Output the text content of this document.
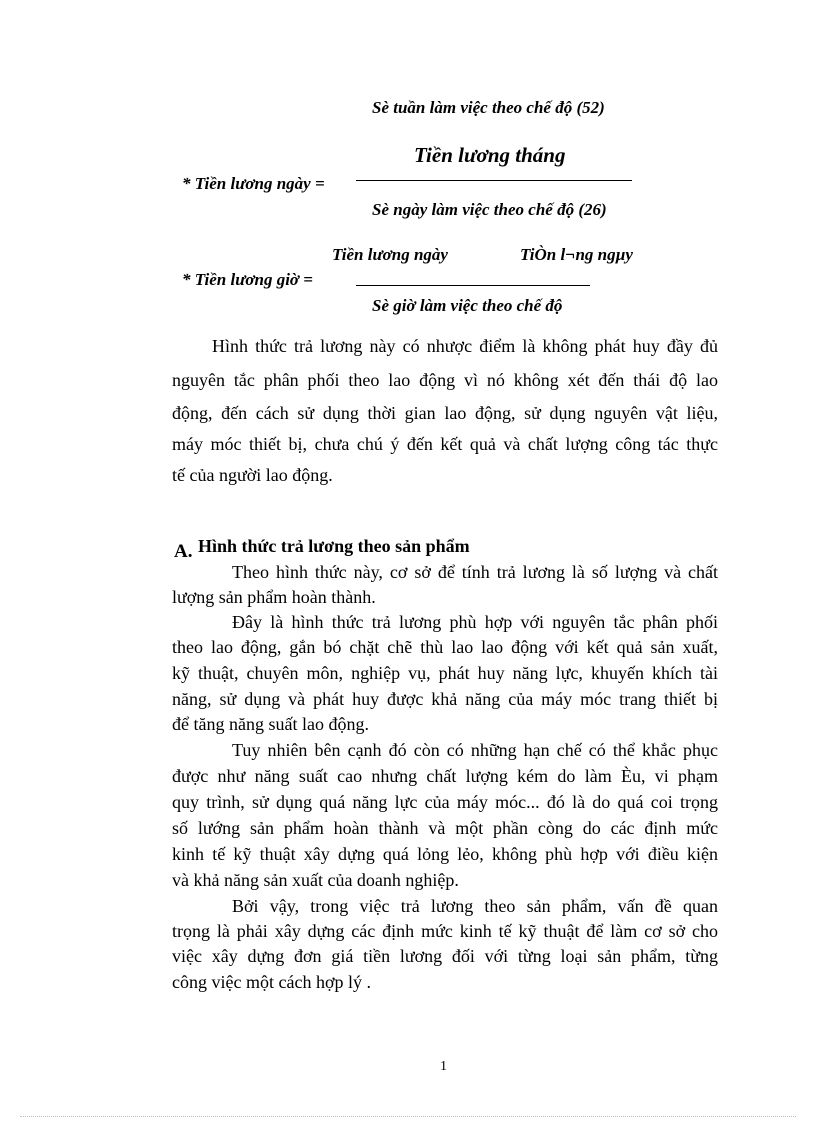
Sè tuần làm việc theo chế độ (52)
Tiền lương tháng
* Tiền lương ngày =
Sè ngày làm việc theo chế độ (26)
Tiền lương ngày	TiÒn l¬ng ngµy
* Tiền lương giờ =
Sè giờ làm việc theo chế độ
Hình thức trả lương này có nhược điểm là không phát huy đầy đủ
nguyên tắc phân phối theo lao động vì nó không xét đến thái độ lao
động, đến cách sử dụng thời gian lao động, sử dụng nguyên vật liệu,
máy móc thiết bị, chưa chú ý đến kết quả và chất lượng công tác thực
tế của người lao động.
A. Hình thức trả lương theo sản phẩm
Theo hình thức này, cơ sở để tính trả lương là số lượng và chất
lượng sản phẩm hoàn thành.
Đây là hình thức trả lương phù hợp với nguyên tắc phân phối
theo lao động, gắn bó chặt chẽ thù lao lao động với kết quả sản xuất,
kỹ thuật, chuyên môn, nghiệp vụ, phát huy năng lực, khuyến khích tài
năng, sử dụng và phát huy được khả năng của máy móc trang thiết bị
để tăng năng suất lao động.
Tuy nhiên bên cạnh đó còn có những hạn chế có thể khắc phục
được như năng suất cao nhưng chất lượng kém do làm Èu, vi phạm
quy trình, sử dụng quá năng lực của máy móc... đó là do quá coi trọng
số lướng sản phẩm hoàn thành và một phần còng do các định mức
kinh tế kỹ thuật xây dựng quá lỏng lẻo, không phù hợp với điều kiện
và khả năng sản xuất của doanh nghiệp.
Bởi vậy, trong việc trả lương theo sản phẩm, vấn đề quan
trọng là phải xây dựng các định mức kinh tế kỹ thuật để làm cơ sở cho
việc xây dựng đơn giá tiền lương đối với từng loại sản phẩm, từng
công việc một cách hợp lý .
1
